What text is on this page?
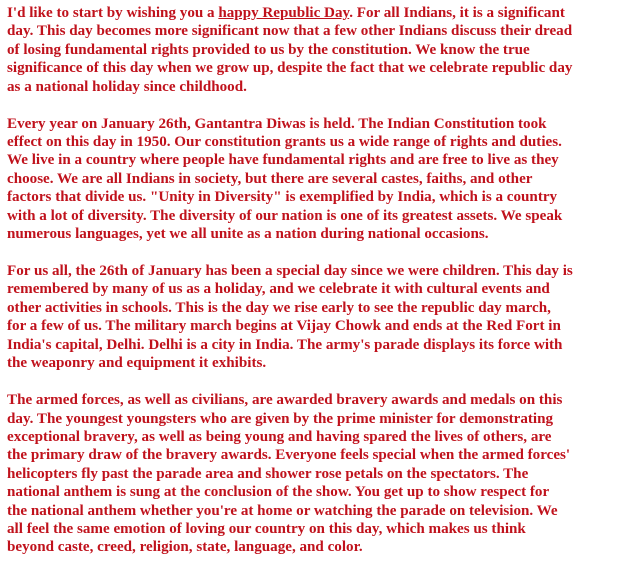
I'd like to start by wishing you a happy Republic Day. For all Indians, it is a significant
day. This day becomes more significant now that a few other Indians discuss their dread
of losing fundamental rights provided to us by the constitution. We know the true
significance of this day when we grow up, despite the fact that we celebrate republic day
as a national holiday since childhood.

Every year on January 26th, Gantantra Diwas is held. The Indian Constitution took
effect on this day in 1950. Our constitution grants us a wide range of rights and duties.
We live in a country where people have fundamental rights and are free to live as they
choose. We are all Indians in society, but there are several castes, faiths, and other
factors that divide us. "Unity in Diversity" is exemplified by India, which is a country
with a lot of diversity. The diversity of our nation is one of its greatest assets. We speak
numerous languages, yet we all unite as a nation during national occasions.

For us all, the 26th of January has been a special day since we were children. This day is
remembered by many of us as a holiday, and we celebrate it with cultural events and
other activities in schools. This is the day we rise early to see the republic day march,
for a few of us. The military march begins at Vijay Chowk and ends at the Red Fort in
India's capital, Delhi. Delhi is a city in India. The army's parade displays its force with
the weaponry and equipment it exhibits.

The armed forces, as well as civilians, are awarded bravery awards and medals on this
day. The youngest youngsters who are given by the prime minister for demonstrating
exceptional bravery, as well as being young and having spared the lives of others, are
the primary draw of the bravery awards. Everyone feels special when the armed forces'
helicopters fly past the parade area and shower rose petals on the spectators. The
national anthem is sung at the conclusion of the show. You get up to show respect for
the national anthem whether you're at home or watching the parade on television. We
all feel the same emotion of loving our country on this day, which makes us think
beyond caste, creed, religion, state, language, and color.
